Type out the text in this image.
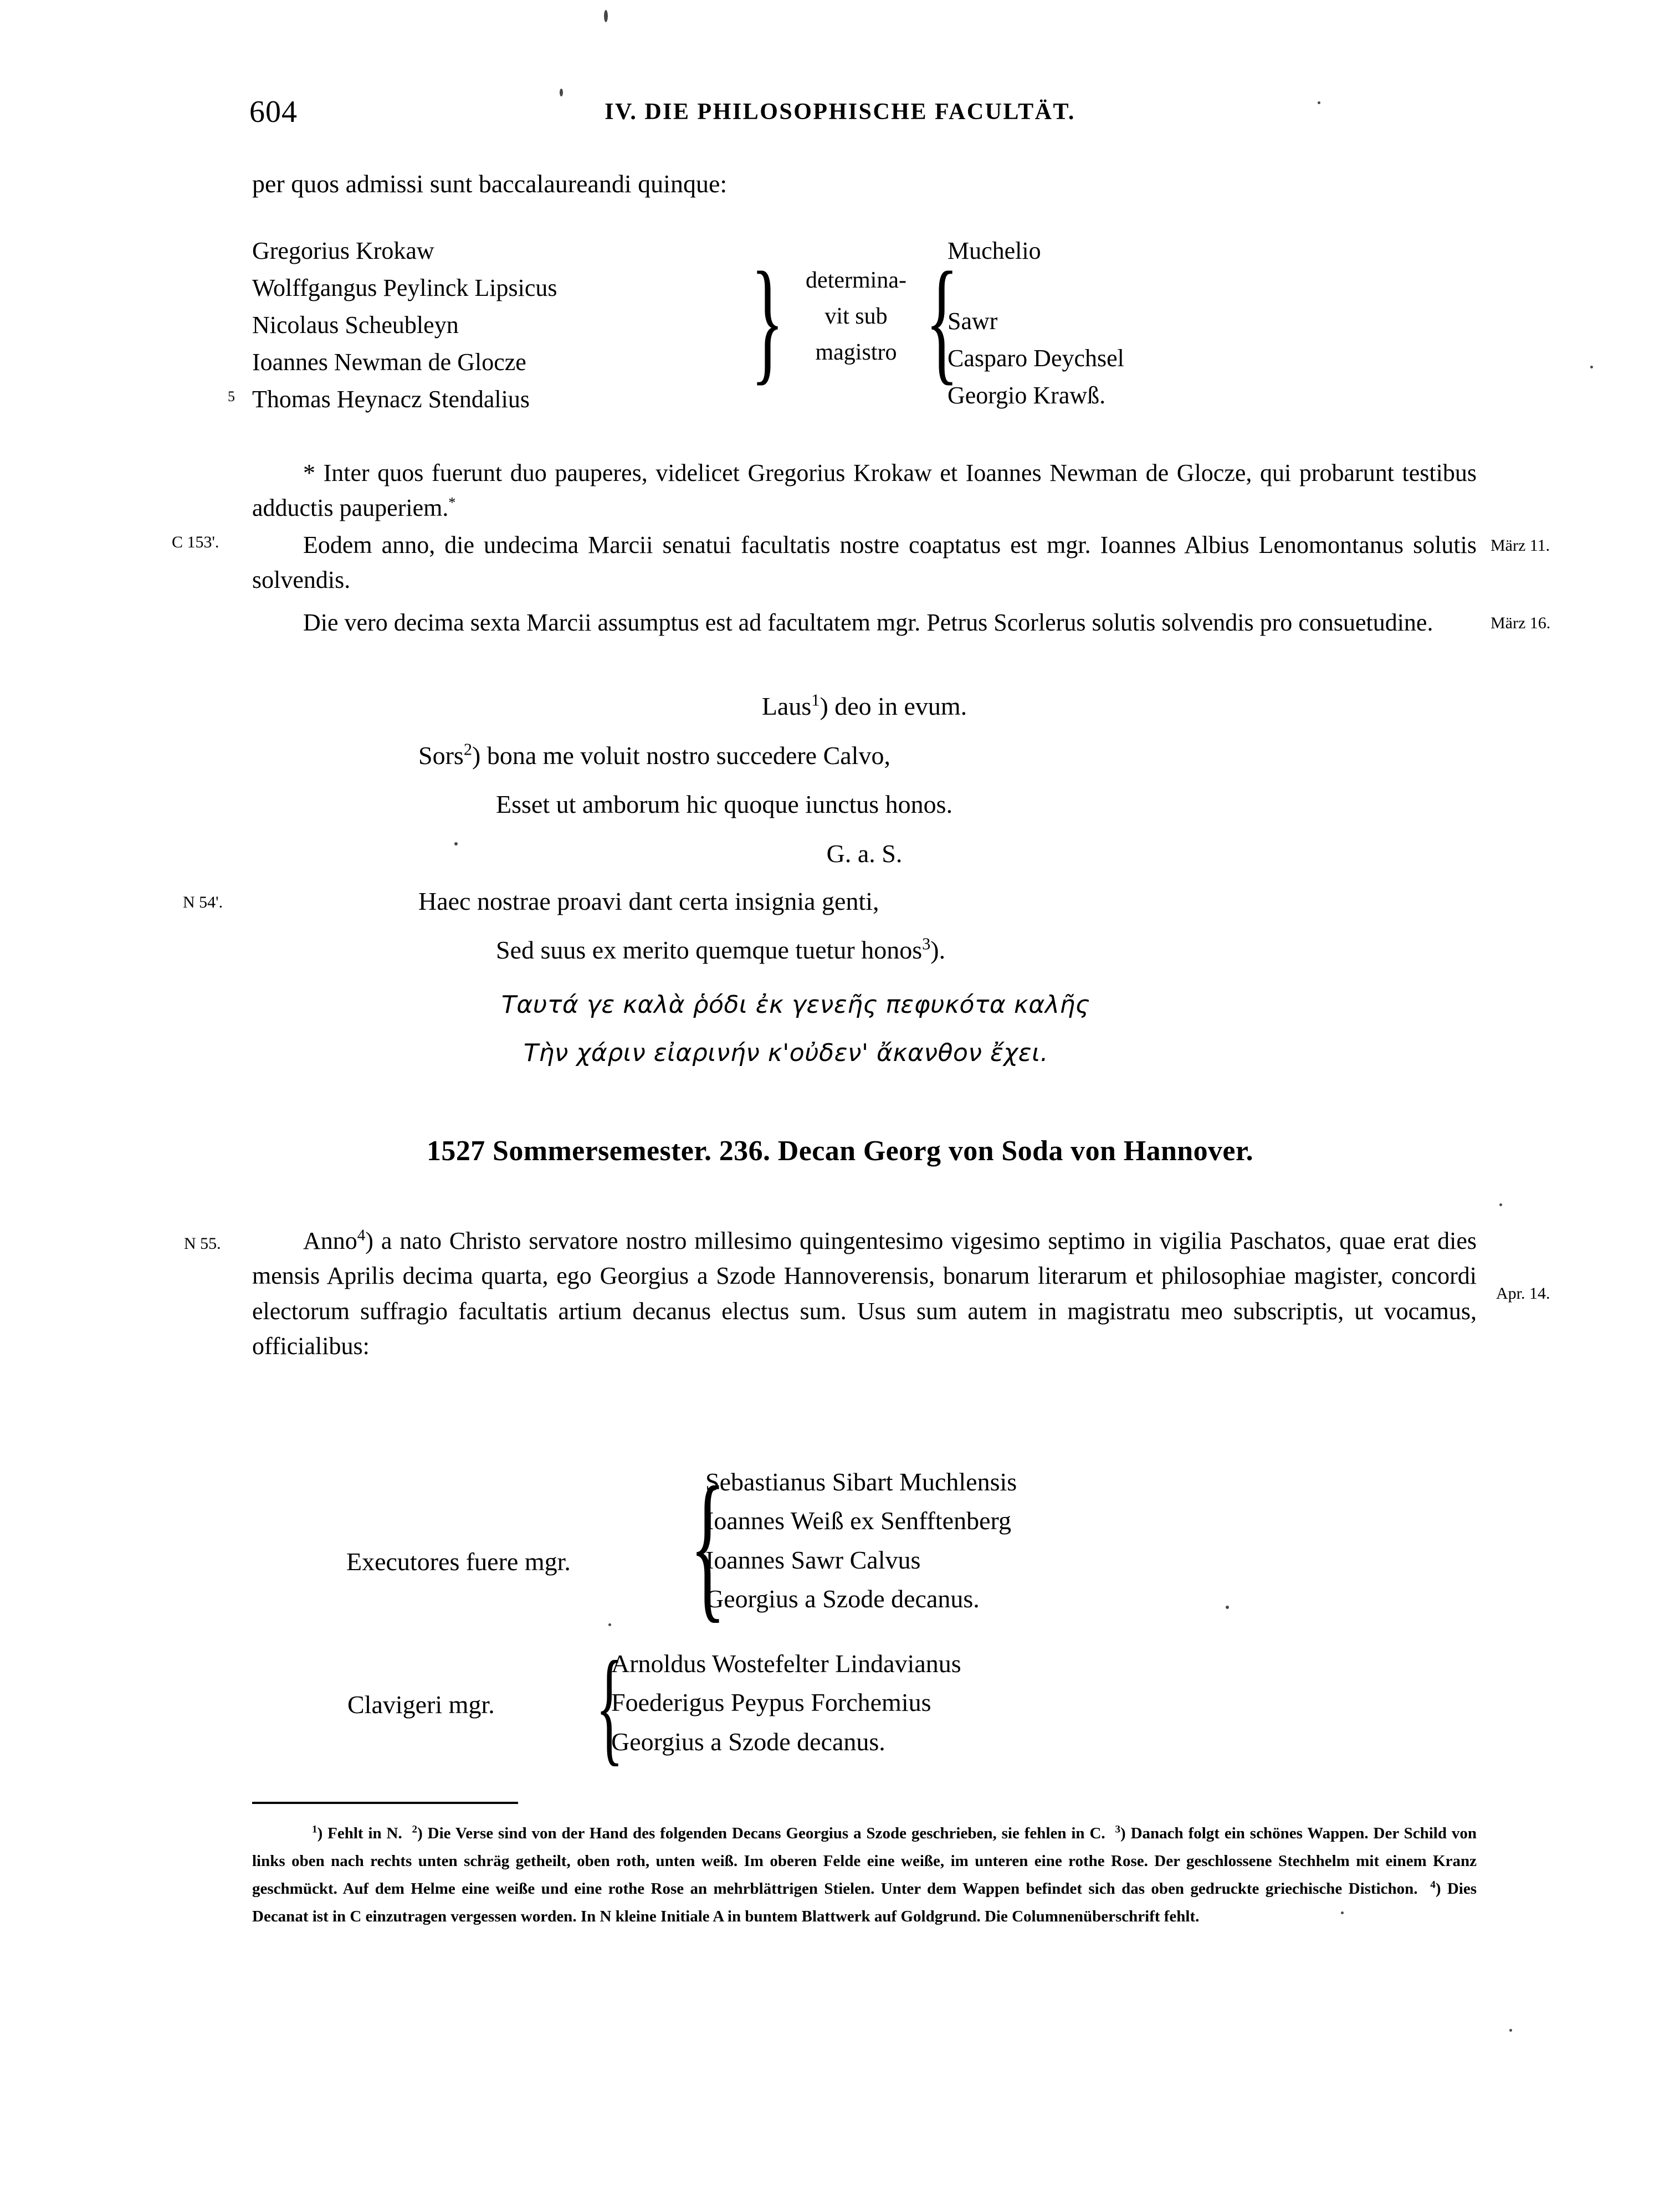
604	IV. DIE PHILOSOPHISCHE FACULTÄT.
per quos admissi sunt baccalaureandi quinque:
Gregorius Krokaw
Wolffgangus Peylinck Lipsicus
Nicolaus Scheubleyn
Ioannes Newman de Glocze
5 Thomas Heynacz Stendalius
} determina-
vit sub
magistro {
Muchelio
Sawr
Casparo Deychsel
Georgio Krawß.
* Inter quos fuerunt duo pauperes, videlicet Gregorius Krokaw et Ioannes Newman de Glocze, qui probarunt testibus adductis pauperiem.*
C 153'.	März 11.
Eodem anno, die undecima Marcii senatui facultatis nostre coaptatus est mgr. Ioannes Albius Lenomontanus solutis solvendis.
März 16.
Die vero decima sexta Marcii assumptus est ad facultatem mgr. Petrus Scorlerus solutis solvendis pro consuetudine.
Laus$^1$) deo in evum.
Sors$^2$) bona me voluit nostro succedere Calvo,
Esset ut amborum hic quoque iunctus honos.
G. a. S.
N 54'.	Haec nostrae proavi dant certa insignia genti,
Sed suus ex merito quemque tuetur honos$^3$).
Ταυτά γε καλὰ ῥόδι ἐκ γενεῆς πεφυκότα καλῆς
Τὴν χάριν εἰαρινήν κ'οὐδεν' ἄκανθον ἔχει.
1527 Sommersemester. 236. Decan Georg von Soda von Hannover.
N 55.
Apr. 14.
Anno$^4$) a nato Christo servatore nostro millesimo quingentesimo vigesimo septimo in vigilia Paschatos, quae erat dies mensis Aprilis decima quarta, ego Georgius a Szode Hannoverensis, bonarum literarum et philosophiae magister, concordi electorum suffragio facultatis artium decanus electus sum. Usus sum autem in magistratu meo subscriptis, ut vocamus, officialibus:
Executores fuere mgr. {
Sebastianus Sibart Muchlensis
Ioannes Weiß ex Senfftenberg
Ioannes Sawr Calvus
Georgius a Szode decanus.
Clavigeri mgr. {
Arnoldus Wostefelter Lindavianus
Foederigus Peypus Forchemius
Georgius a Szode decanus.

$^1$) Fehlt in N. $^2$) Die Verse sind von der Hand des folgenden Decans Georgius a Szode geschrieben, sie fehlen in C. $^3$) Danach folgt ein schönes Wappen. Der Schild von links oben nach rechts unten schräg getheilt, oben roth, unten weiß. Im oberen Felde eine weiße, im unteren eine rothe Rose. Der geschlossene Stechhelm mit einem Kranz geschmückt. Auf dem Helme eine weiße und eine rothe Rose an mehrblättrigen Stielen. Unter dem Wappen befindet sich das oben gedruckte griechische Distichon. $^4$) Dies Decanat ist in C einzutragen vergessen worden. In N kleine Initiale A in buntem Blattwerk auf Goldgrund. Die Columnenüberschrift fehlt.
